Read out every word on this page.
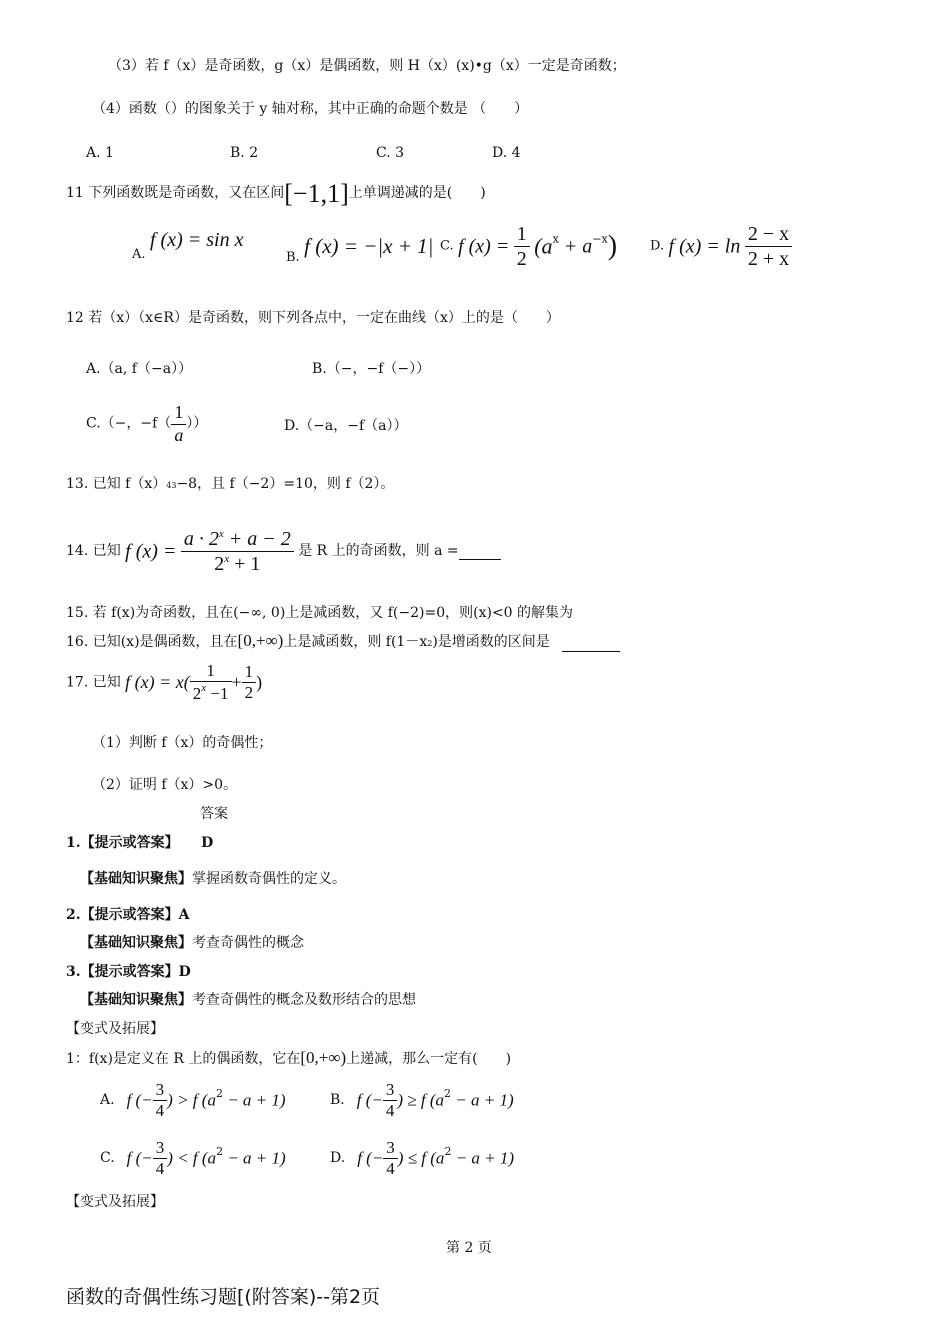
（3）若 f（x）是奇函数，g（x）是偶函数，则 H（x）(x)•g（x）一定是奇函数；
（4）函数（）的图象关于 y 轴对称，其中正确的命题个数是 （　　）
A. 1	B. 2	C. 3	D. 4
11 下列函数既是奇函数，又在区间[−1,1]上单调递减的是(　　)
A. f (x) = sin x
B. f (x) = −|x + 1| C. f $(x) = \frac{1}{2} (a^x + a^{-x})$	D. f $(x) = \ln \frac{2 - x}{2 + x}$
12 若（x）（x∈R）是奇函数，则下列各点中，一定在曲线（x）上的是（　　）
A.（a, f（−a））	B.（−，−f（−））
C.（−，$-f( \frac{1}{a}$ ））	D.（−a，−f（a））
13. 已知 f（x）43−8，且 f（−2）=10，则 f（2）。
14. 已知 f $(x) = \frac{a \cdot 2^x + a - 2}{2^x + 1}$ 是 R 上的奇函数，则 a =
15. 若 f(x)为奇函数，且在(−∞, 0)上是减函数，又 f(−2)=0，则(x)<0 的解集为
16. 已知(x)是偶函数，且在[0,+∞)上是减函数，则 f(1－x2)是增函数的区间是
17. 已知 f $(x) = x( \frac{1}{2^x -1} + \frac{1}{2}$ )
（1）判断 f（x）的奇偶性；
（2）证明 f（x）>0。
答案
1.【提示或答案】 D
【基础知识聚焦】掌握函数奇偶性的定义。
2.【提示或答案】A
【基础知识聚焦】考查奇偶性的概念
3.【提示或答案】D
【基础知识聚焦】考查奇偶性的概念及数形结合的思想
【变式及拓展】
1：f(x)是定义在 R 上的偶函数，它在[0,+∞)上递减，那么一定有(　　)
A. f (− $\frac{3}{4}$ ) > f $(a^2 - a + 1)$	B. f (− $\frac{3}{4}$ ) ≥ f $(a^2 - a + 1)$
C. f (− $\frac{3}{4}$ ) < f $(a^2 - a + 1)$	D. f (− $\frac{3}{4}$ ) ≤ f $(a^2 - a + 1)$
【变式及拓展】
第 2 页
函数的奇偶性练习题[(附答案)--第2页
